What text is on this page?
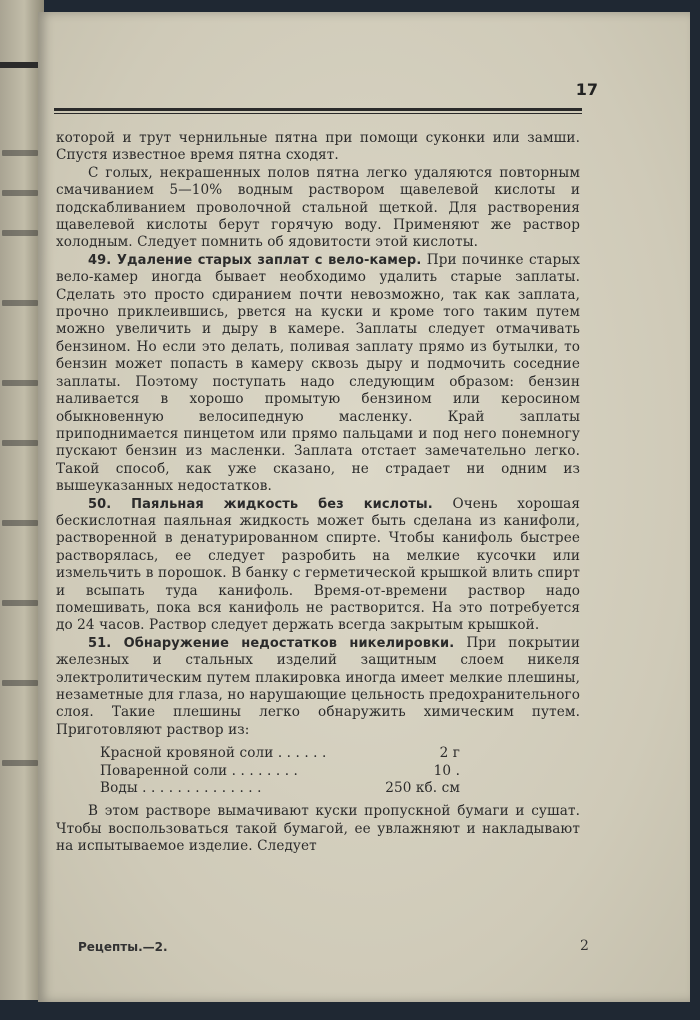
17

которой и трут чернильные пятна при помощи суконки или замши. Спустя известное время пятна сходят.

С голых, некрашенных полов пятна легко удаляются повторным смачиванием 5—10% водным раствором щавелевой кислоты и подскабливанием проволочной стальной щеткой. Для растворения щавелевой кислоты берут горячую воду. Применяют же раствор холодным. Следует помнить об ядовитости этой кислоты.

49. Удаление старых заплат с вело-камер. При починке старых вело-камер иногда бывает необходимо удалить старые заплаты. Сделать это просто сдиранием почти невозможно, так как заплата, прочно приклеившись, рвется на куски и кроме того таким путем можно увеличить и дыру в камере. Заплаты следует отмачивать бензином. Но если это делать, поливая заплату прямо из бутылки, то бензин может попасть в камеру сквозь дыру и подмочить соседние заплаты. Поэтому поступать надо следующим образом: бензин наливается в хорошо промытую бензином или керосином обыкновенную велосипедную масленку. Край заплаты приподнимается пинцетом или прямо пальцами и под него понемногу пускают бензин из масленки. Заплата отстает замечательно легко. Такой способ, как уже сказано, не страдает ни одним из вышеуказанных недостатков.

50. Паяльная жидкость без кислоты. Очень хорошая бескислотная паяльная жидкость может быть сделана из канифоли, растворенной в денатурированном спирте. Чтобы канифоль быстрее растворялась, ее следует разробить на мелкие кусочки или измельчить в порошок. В банку с герметической крышкой влить спирт и всыпать туда канифоль. Время-от-времени раствор надо помешивать, пока вся канифоль не растворится. На это потребуется до 24 часов. Раствор следует держать всегда закрытым крышкой.

51. Обнаружение недостатков никелировки. При покрытии железных и стальных изделий защитным слоем никеля электролитическим путем плакировка иногда имеет мелкие плешины, незаметные для глаза, но нарушающие цельность предохранительного слоя. Такие плешины легко обнаружить химическим путем. Приготовляют раствор из:

Красной кровяной соли . . . . . .	2 г
Поваренной соли . . . . . . . .	10 .
Воды . . . . . . . . . . . . . .	250 кб. см

В этом растворе вымачивают куски пропускной бумаги и сушат. Чтобы воспользоваться такой бумагой, ее увлажняют и накладывают на испытываемое изделие. Следует

Рецепты.—2.	2
